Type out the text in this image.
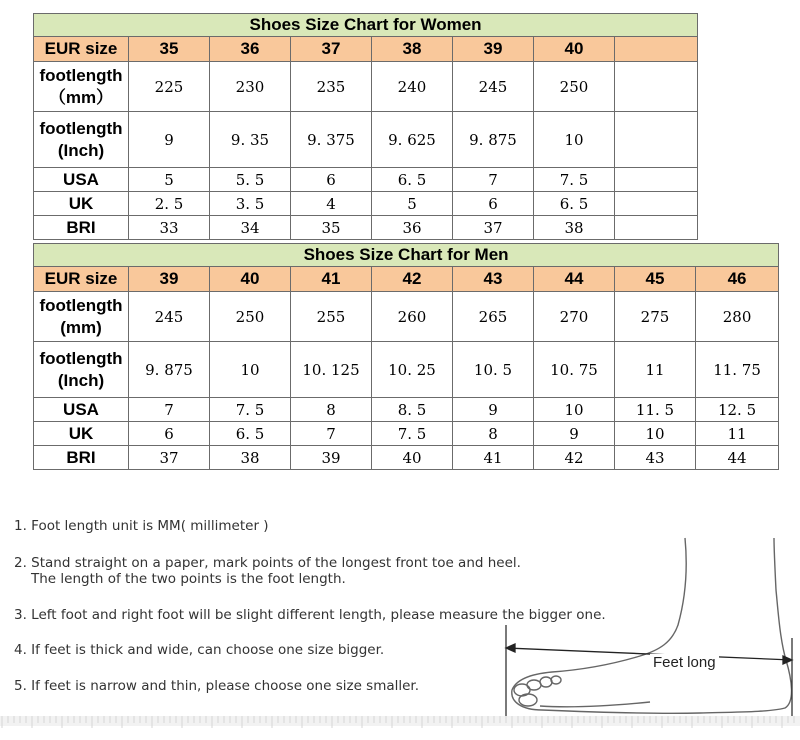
Shoes Size Chart for Women							

EUR size	35	36	37	38	39	40	

footlength
（mm）	225	230	235	240	245	250	

footlength
(Inch)	9	9. 35	9. 375	9. 625	9. 875	10	

USA	5	5. 5	6	6. 5	7	7. 5	

UK	2. 5	3. 5	4	5	6	6. 5	

BRI	33	34	35	36	37	38	
Shoes Size Chart for Men								

EUR size	39	40	41	42	43	44	45	46

footlength
(mm)	245	250	255	260	265	270	275	280

footlength
(Inch)	9. 875	10	10. 125	10. 25	10. 5	10. 75	11	11. 75

USA	7	7. 5	8	8. 5	9	10	11. 5	12. 5

UK	6	6. 5	7	7. 5	8	9	10	11

BRI	37	38	39	40	41	42	43	44
1. Foot length unit is MM( millimeter )
2. Stand straight on a paper, mark points of the longest front toe and heel.
The length of the two points is the foot length.
3. Left foot and right foot will be slight different length, please measure the bigger one.
4. If feet is thick and wide, can choose one size bigger.
5. If feet is narrow and thin, please choose one size smaller.
Feet long
